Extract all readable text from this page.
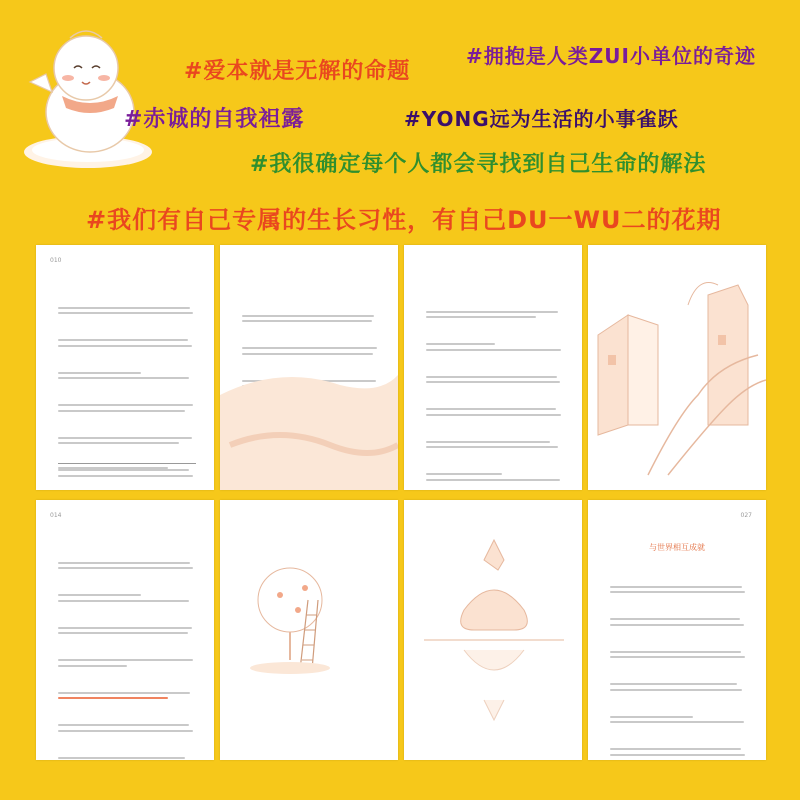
#爱本就是无解的命题
#拥抱是人类ZUI小单位的奇迹
#赤诚的自我袒露	#YONG远为生活的小事雀跃
#我很确定每个人都会寻找到自己生命的解法
#我们有自己专属的生长习性，有自己DU一WU二的花期
010

014

	027
与世界相互成就
